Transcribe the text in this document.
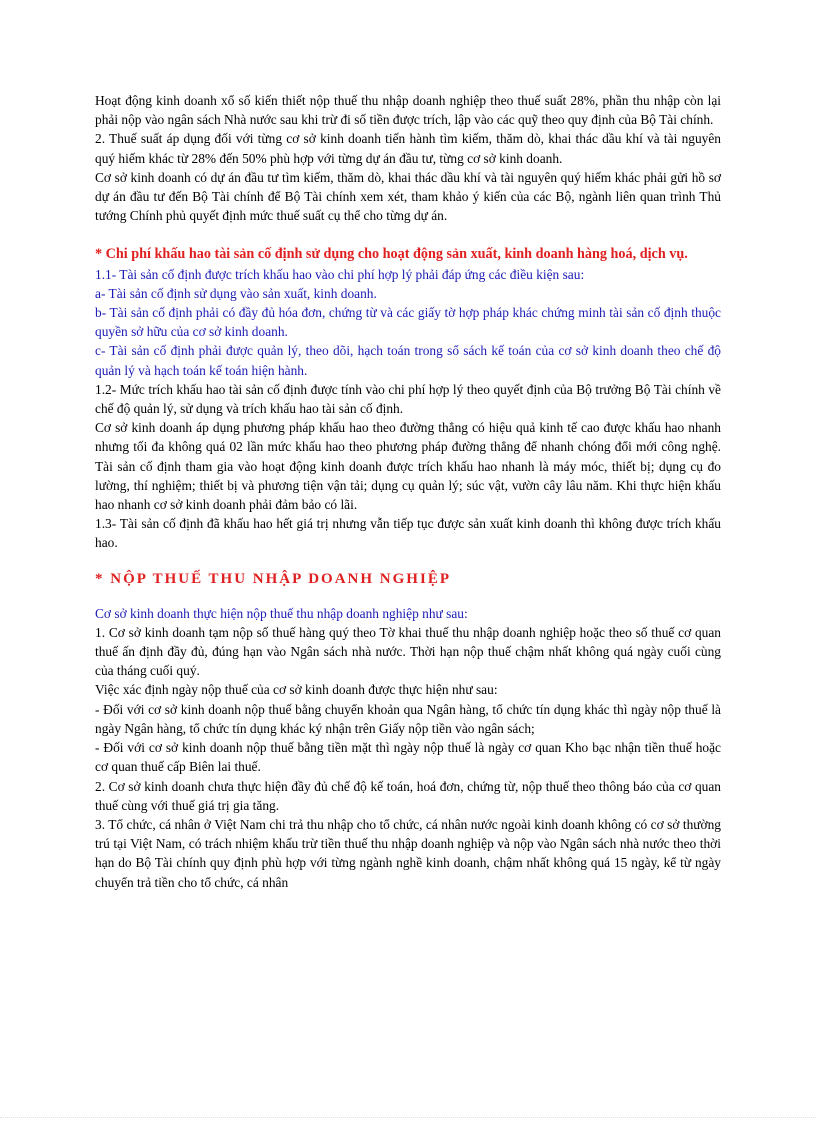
Hoạt động kinh doanh xổ số kiến thiết nộp thuế thu nhập doanh nghiệp theo thuế suất 28%, phần thu nhập còn lại phải nộp vào ngân sách Nhà nước sau khi trừ đi số tiền được trích, lập vào các quỹ theo quy định của Bộ Tài chính.

2. Thuế suất áp dụng đối với từng cơ sở kinh doanh tiến hành tìm kiếm, thăm dò, khai thác dầu khí và tài nguyên quý hiếm khác từ 28% đến 50% phù hợp với từng dự án đầu tư, từng cơ sở kinh doanh.

Cơ sở kinh doanh có dự án đầu tư tìm kiếm, thăm dò, khai thác dầu khí và tài nguyên quý hiếm khác phải gửi hồ sơ dự án đầu tư đến Bộ Tài chính để Bộ Tài chính xem xét, tham khảo ý kiến của các Bộ, ngành liên quan trình Thủ tướng Chính phủ quyết định mức thuế suất cụ thể cho từng dự án.

* Chi phí khấu hao tài sản cố định sử dụng cho hoạt động sản xuất, kinh doanh hàng hoá, dịch vụ.

1.1- Tài sản cố định được trích khấu hao vào chi phí hợp lý phải đáp ứng các điều kiện sau:

a- Tài sản cố định sử dụng vào sản xuất, kinh doanh.

b- Tài sản cố định phải có đầy đủ hóa đơn, chứng từ và các giấy tờ hợp pháp khác chứng minh tài sản cố định thuộc quyền sở hữu của cơ sở kinh doanh.

c- Tài sản cố định phải được quản lý, theo dõi, hạch toán trong sổ sách kế toán của cơ sở kinh doanh theo chế độ quản lý và hạch toán kế toán hiện hành.

1.2- Mức trích khấu hao tài sản cố định được tính vào chi phí hợp lý theo quyết định của Bộ trưởng Bộ Tài chính về chế độ quản lý, sử dụng và trích khấu hao tài sản cố định.

Cơ sở kinh doanh áp dụng phương pháp khấu hao theo đường thẳng có hiệu quả kinh tế cao được khấu hao nhanh nhưng tối đa không quá 02 lần mức khấu hao theo phương pháp đường thẳng để nhanh chóng đổi mới công nghệ. Tài sản cố định tham gia vào hoạt động kinh doanh được trích khấu hao nhanh là máy móc, thiết bị; dụng cụ đo lường, thí nghiệm; thiết bị và phương tiện vận tải; dụng cụ quản lý; súc vật, vườn cây lâu năm. Khi thực hiện khấu hao nhanh cơ sở kinh doanh phải đảm bảo có lãi.

1.3- Tài sản cố định đã khấu hao hết giá trị nhưng vẫn tiếp tục được sản xuất kinh doanh thì không được trích khấu hao.

* NỘP THUẾ THU NHẬP DOANH NGHIỆP

Cơ sở kinh doanh thực hiện nộp thuế thu nhập doanh nghiệp như sau:

1. Cơ sở kinh doanh tạm nộp số thuế hàng quý theo Tờ khai thuế thu nhập doanh nghiệp hoặc theo số thuế cơ quan thuế ấn định đầy đủ, đúng hạn vào Ngân sách nhà nước. Thời hạn nộp thuế chậm nhất không quá ngày cuối cùng của tháng cuối quý.

Việc xác định ngày nộp thuế của cơ sở kinh doanh được thực hiện như sau:

- Đối với cơ sở kinh doanh nộp thuế bằng chuyển khoản qua Ngân hàng, tổ chức tín dụng khác thì ngày nộp thuế là ngày Ngân hàng, tổ chức tín dụng khác ký nhận trên Giấy nộp tiền vào ngân sách;

- Đối với cơ sở kinh doanh nộp thuế bằng tiền mặt thì ngày nộp thuế là ngày cơ quan Kho bạc nhận tiền thuế hoặc cơ quan thuế cấp Biên lai thuế.

2. Cơ sở kinh doanh chưa thực hiện đầy đủ chế độ kế toán, hoá đơn, chứng từ, nộp thuế theo thông báo của cơ quan thuế cùng với thuế giá trị gia tăng.

3. Tổ chức, cá nhân ở Việt Nam chi trả thu nhập cho tổ chức, cá nhân nước ngoài kinh doanh không có cơ sở thường trú tại Việt Nam, có trách nhiệm khấu trừ tiền thuế thu nhập doanh nghiệp và nộp vào Ngân sách nhà nước theo thời hạn do Bộ Tài chính quy định phù hợp với từng ngành nghề kinh doanh, chậm nhất không quá 15 ngày, kể từ ngày chuyển trả tiền cho tổ chức, cá nhân
